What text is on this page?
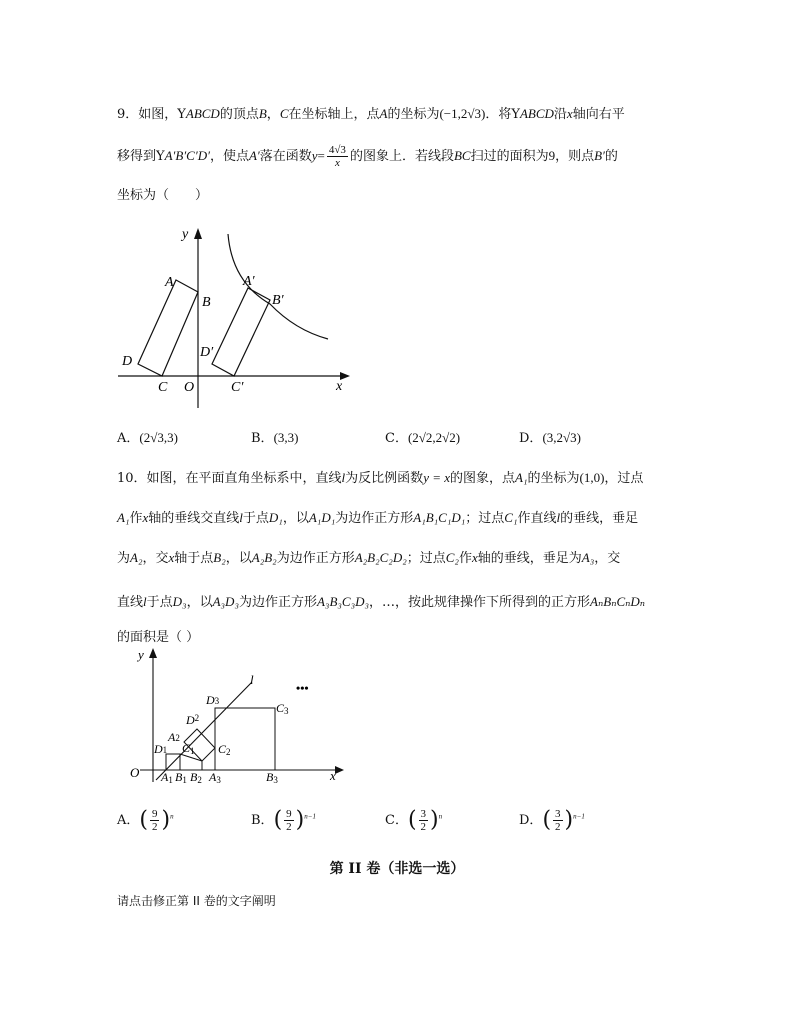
9．如图，YABCD的顶点B，C在坐标轴上，点A的坐标为(−1,2√3)．将YABCD沿x轴向右平
移得到YA′B′C′D′，使点A′落在函数$y= \frac{4√3}{x}$ 的图象上．若线段BC扫过的面积为9，则点B′的
坐标为（　　）
y
A
B
D
D′
C O	C′
A′
B′
x
A．(2√3,3)	B．(3,3)	C．(2√2,2√2)	D．(3,2√3)
10．如图，在平面直角坐标系中，直线l为反比例函数y = x的图象，点A₁的坐标为(1,0)，过点
A₁作x轴的垂线交直线l于点D₁，以A₁D₁为边作正方形A₁B₁C₁D₁；过点C₁作直线l的垂线，垂足
为A₂，交x轴于点B₂，以A₂B₂为边作正方形A₂B₂C₂D₂；过点C₂作x轴的垂线，垂足为A₃，交
直线l于点D₃，以A₃D₃为边作正方形A₃B₃C₃D₃，…，按此规律操作下所得到的正方形AₙBₙCₙDₙ
的面积是（ ）
y
l
•••
D3	C3
$D^2$
A2
D1 C1 C2
O A1 B1 B2 A3	B3	x
A．( $\frac{9}{2} )^n$	B．( $\frac{9}{2} )^{n-1}$	C．( $\frac{3}{2} )^n$	D．( $\frac{3}{2} )^{n-1}$
第 II 卷（非选一选）
请点击修正第 II 卷的文字阐明
